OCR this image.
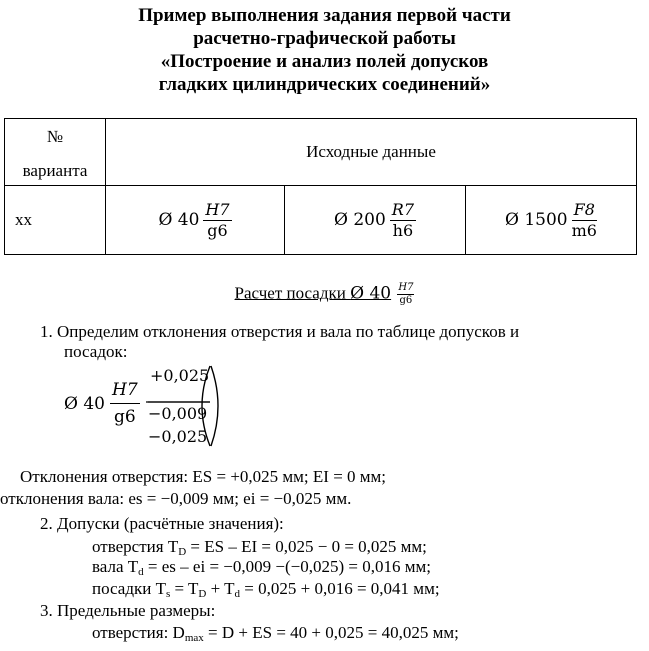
Пример выполнения задания первой части
расчетно-графической работы
«Построение и анализ полей допусков
гладких цилиндрических соединений»
№
варианта	Исходные данные		
xx	Ø $40 \frac{H7}{g6}$	Ø $200 \frac{R7}{h6}$	Ø $1500 \frac{F8}{m6}$
Расчет посадки Ø $40 \frac{H7}{g6}$
1. Определим отклонения отверстия и вала по таблице допусков и
посадок:
Ø $40 \frac{H7}{g6}$
+0,025
−0,009
−0,025
Отклонения отверстия: ES = +0,025 мм; EI = 0 мм;
отклонения вала: es = −0,009 мм; ei = −0,025 мм.
2. Допуски (расчётные значения):
отверстия $T_D$ = ES – EI = 0,025 − 0 = 0,025 мм;
вала $T_d$ = es – ei = −0,009 −(−0,025) = 0,016 мм;
посадки $T_s = T_D + T_d = 0,025 + 0,016 = 0,041$ мм;
3. Предельные размеры:
отверстия: $D_{max} = D$ + ES = 40 + 0,025 = 40,025 мм;
